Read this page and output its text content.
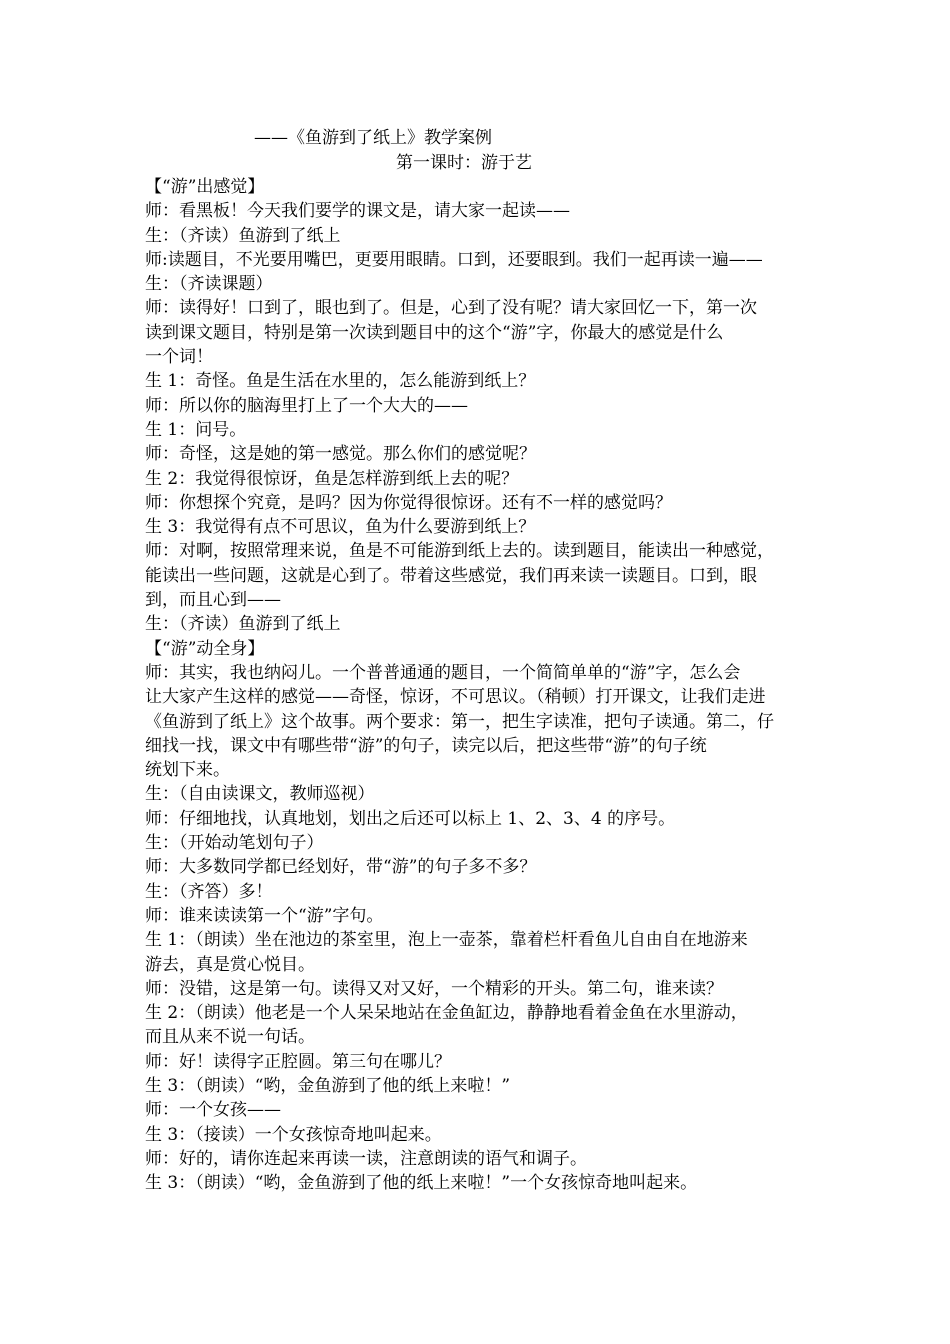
——《鱼游到了纸上》教学案例
第一课时：游于艺

【“游”出感觉】

师：看黑板！今天我们要学的课文是，请大家一起读——

生：（齐读）鱼游到了纸上

师:读题目，不光要用嘴巴，更要用眼睛。口到，还要眼到。我们一起再读一遍——

生：（齐读课题）

师：读得好！口到了，眼也到了。但是，心到了没有呢？请大家回忆一下，第一次

读到课文题目，特别是第一次读到题目中的这个“游”字，你最大的感觉是什么

一个词！

生 1：奇怪。鱼是生活在水里的，怎么能游到纸上？

师：所以你的脑海里打上了一个大大的——

生 1：问号。

师：奇怪，这是她的第一感觉。那么你们的感觉呢？

生 2：我觉得很惊讶，鱼是怎样游到纸上去的呢？

师：你想探个究竟，是吗？因为你觉得很惊讶。还有不一样的感觉吗？

生 3：我觉得有点不可思议，鱼为什么要游到纸上？

师：对啊，按照常理来说，鱼是不可能游到纸上去的。读到题目，能读出一种感觉，

能读出一些问题，这就是心到了。带着这些感觉，我们再来读一读题目。口到，眼

到，而且心到——

生：（齐读）鱼游到了纸上

【“游”动全身】

师：其实，我也纳闷儿。一个普普通通的题目，一个简简单单的“游”字，怎么会

让大家产生这样的感觉——奇怪，惊讶，不可思议。（稍顿）打开课文，让我们走进

《鱼游到了纸上》这个故事。两个要求：第一，把生字读准，把句子读通。第二，仔

细找一找，课文中有哪些带“游”的句子，读完以后，把这些带“游”的句子统

统划下来。

生：（自由读课文，教师巡视）

师：仔细地找，认真地划，划出之后还可以标上 1、2、3、4 的序号。

生：（开始动笔划句子）

师：大多数同学都已经划好，带“游”的句子多不多？

生：（齐答）多！

师：谁来读读第一个“游”字句。

生 1：（朗读）坐在池边的茶室里，泡上一壶茶，靠着栏杆看鱼儿自由自在地游来

游去，真是赏心悦目。

师：没错，这是第一句。读得又对又好，一个精彩的开头。第二句，谁来读？

生 2：（朗读）他老是一个人呆呆地站在金鱼缸边，静静地看着金鱼在水里游动，

而且从来不说一句话。

师：好！读得字正腔圆。第三句在哪儿？

生 3：（朗读）“哟，金鱼游到了他的纸上来啦！”

师：一个女孩——

生 3：（接读）一个女孩惊奇地叫起来。

师：好的，请你连起来再读一读，注意朗读的语气和调子。

生 3：（朗读）“哟，金鱼游到了他的纸上来啦！”一个女孩惊奇地叫起来。
